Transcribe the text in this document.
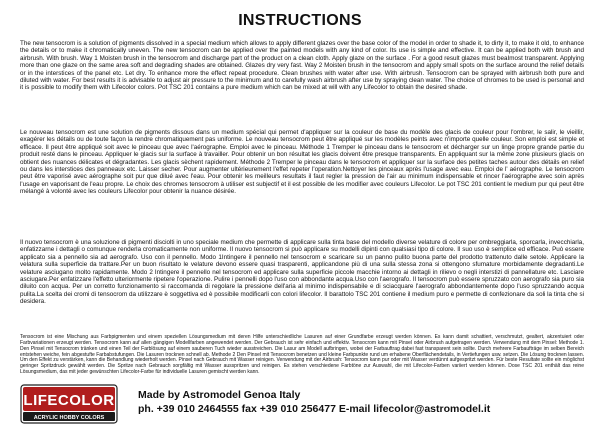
INSTRUCTIONS

The new tensocrom is a solution of pigments dissolved in a special medium which allows to apply different glazes over the base color of the model in order to shade it, to dirty it, to make it old, to enhance the details or to make it chromatically uneven. The new tensocrom can be applied over the painted models with any kind of color. Its use is simple and effective. It can be applied both with brush and airbrush. With brush. Way 1 Moisten brush in the tensocrom and discharge part of the product on a clean cloth. Apply glaze on the surface . For a good result glazes must beaImost transparent. Applying more than one glaze on the same area soft and degrading shades are obtained. Glazes dry very fast. Way 2 Moisten brush in the tensocrom and apply small spots on the surface around the relief details or in the interstices of the panel etc. Let dry. To enhance more the effect repeat procedure. Clean brushes with water after use. With airbrush. Tensocrom can be sprayed with airbrush both pure and diluted with water. For best results it is advisable to adjust air pressure to the minimum and to carefully wash airbrush after use by spraying clean water. The choice of chromes to be used is personal and it is possible to modify them with Lifecolor colors. Pot TSC 201 contains a pure medium which can be mixed at will with any Lifecolor to obtain the desired shade.

Le nouveau tensocrom est une solution de pigments dissous dans un medium spécial qui permet d'appliquer sur la couleur de base du modèle des glacis de couleur pour l'ombrer, le salir, le vieillir, exagérer les détails ou de toute façon la rendre chromatiquement pas uniforme. Le nouveau tensocrom peut être appliqué sur les modèles peints avec n'importe quelle couleur. Son emploi est simple et efficace. Il peut être appliqué soit avec le pinceau que avec l'aérographe. Emploi avec le pinceau. Méthode 1 Tremper le pinceau dans le tensocrom et décharger sur un linge propre grande partie du produit resté dans le pinceau. Appliquer le glacis sur la surface à travailler. Pour obtenir un bon résultat les glacis doivent être presque transparents. En appliquant sur la même zone plusieurs glacis on obtient des nuances délicates et dégradantes. Les glacis sèchent rapidement. Méthode 2 Tremper le pinceau dans le tensocrom et appliquer sur la surface des petites taches autour des détails en relief ou dans les interstices des panneaux etc. Laisser secher. Pour augmenter ultérieurement l'effet repeter l'operation.Nettoyer les pinceaux après l'usage avec eau. Emploi de l' aérographe. Le tensocrom peut être vaporisé avec aérographe soit pur que dilué avec l'eau. Pour obtenir les meilleurs resultats il faut regler la pression de l'air au minimum indispensable et rincer l'aérographe avec soin après l'usage en vaporisant de l'eau propre. Le choix des chromes tensocrom à utiliser est subjectif et il est possible de les modifier avec couleurs Lifecolor. Le pot TSC 201 contient le medium pur qui peut être mélangé à volonté avec les couleurs Lifecolor pour obtenir la nuance désirée.

Il nuovo tensocrom è una soluzione di pigmenti disciolti in uno speciale medium che permette di applicare sulla tinta base del modello diverse velature di colore per ombreggiarla, sporcarla, invecchiarla, enfatizzarne i dettagli o comunque renderla cromaticamente non uniforme. Il nuovo tensocrom si può applicare su modelli dipinti con qualsiasi tipo di colore. Il suo uso è semplice ed efficace. Può essere applicato sia a pennello sia ad aerografo. Uso con il pennello. Modo 1Intingere il pennello nel tensocrom e scaricare su un panno pulito buona parte del prodotto trattenuto dalle setole. Applicare la velatura sulla superficie da trattare.Per un buon risultato le velature devono essere quasi trasparenti, applicandone più di una sulla stessa zona si ottengono sfumature morbidamente degradanti.Le velature asciugano molto rapidamente. Modo 2 Intingere il pennello nel tensocrom ed applicare sulla superficie piccole macchie intorno ai dettagli in rilievo o negli interstizi di pannellature etc. Lasciare asciugare.Per enfatizzare l'effetto ulteriormente ripetere l'operazione. Pulire i pennelli dopo l'uso con abbondante acqua.Uso con l'aerografo. Il tensocrom può essere spruzzato con aerografo sia puro sia diluito con acqua. Per un corretto funzionamento si raccomanda di regolare la pressione dell'aria al minimo indispensabile e di sciacquare l'aerografo abbondantemente dopo l'uso spruzzando acqua pulita.La scelta dei cromi di tensocrom da utilizzare è soggettiva ed è possibile modificarli con colori lifecolor. Il barattolo TSC 201 contiene il medium puro e permette di confezionare da soli la tinta che si desidera.

Tensocrom ist eine Mischung aus Farbpigmenten und einem speziellen Lösungsmedium mit deren Hilfe unterschiedliche Lasuren auf einer Grundfarbe erzeugt werden können. Es kann damit schattiert, verschmutzt, gealtert, akzentuiert oder Farbvariationen erzeugt werden. Tensocrom kann auf allen gängigen Modellfarben angewendet werden. Der Gebrauch ist sehr einfach und effektiv. Tensocrom kann mit Pinsel oder Airbrush aufgetragen werden. Verwendung mit dem Pinsel: Methode 1. Den Pinsel mit Tensocrom tränken und einen Teil der Farblösung auf einem sauberen Tuch wieder ausstreichen. Die Lasur am Modell aufbringen, wobei der Farbauftrag dabei fast transparent sein sollte. Durch mehrere Farbaufträge im selben Bereich entstehen weiche, fein abgestufte Farbabstufungen. Die Lasuren trocknen schnell ab. Methode 2 Den Pinsel mit Tensocrom benetzen und kleine Farbpunkte rund um erhabene Oberflächendetails, in Vertiefungen usw. setzen. Die Lösung trocknen lassen. Um den Effekt zu verstärken, kann die Behandlung wiederholt werden. Pinsel nach Gebrauch mit Wasser reinigen. Verwendung mit der Airbrush: Tensocrom kann pur oder mit Wasser verdünnt aufgespritzt werden. Für beste Resultate sollte ein möglichst geringer Spritzdruck gewählt werden. Die Spritze nach Gebrauch sorgfältig mit Wasser ausspritzen und reinigen. Es stehen verschiedene Farbtöne zur Auswahl, die mit Lifecolor-Farben variiert werden können. Dose TSC 201 enthält das reine Lösungsmedium, das mit jeder gewünschten Lifecolor-Farbe für individuelle Lasuren gemischt werden kann.

LIFECOLOR
ACRYLIC HOBBY COLORS
Made by Astromodel Genoa Italy
ph. +39 010 2464555 fax +39 010 256477 E-mail lifecolor@astromodel.it
